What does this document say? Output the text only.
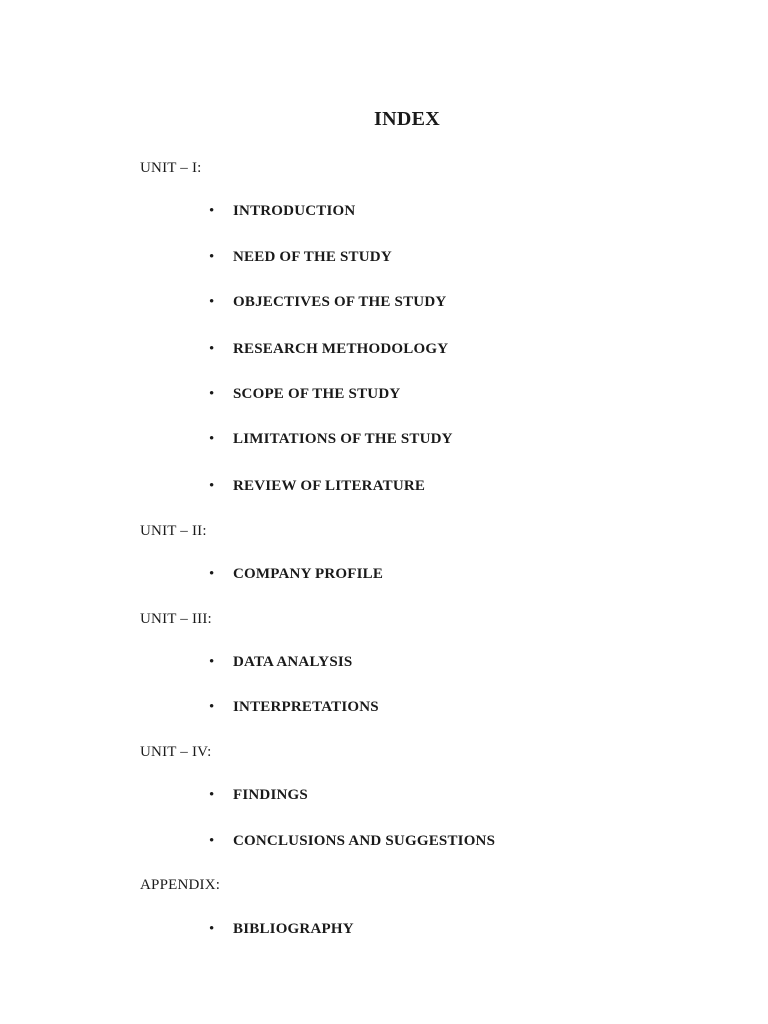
INDEX
UNIT – I:
• INTRODUCTION
• NEED OF THE STUDY
• OBJECTIVES OF THE STUDY
• RESEARCH METHODOLOGY
• SCOPE OF THE STUDY
• LIMITATIONS OF THE STUDY
• REVIEW OF LITERATURE
UNIT – II:
• COMPANY PROFILE
UNIT – III:
• DATA ANALYSIS
• INTERPRETATIONS
UNIT – IV:
• FINDINGS
• CONCLUSIONS AND SUGGESTIONS
APPENDIX:
• BIBLIOGRAPHY
